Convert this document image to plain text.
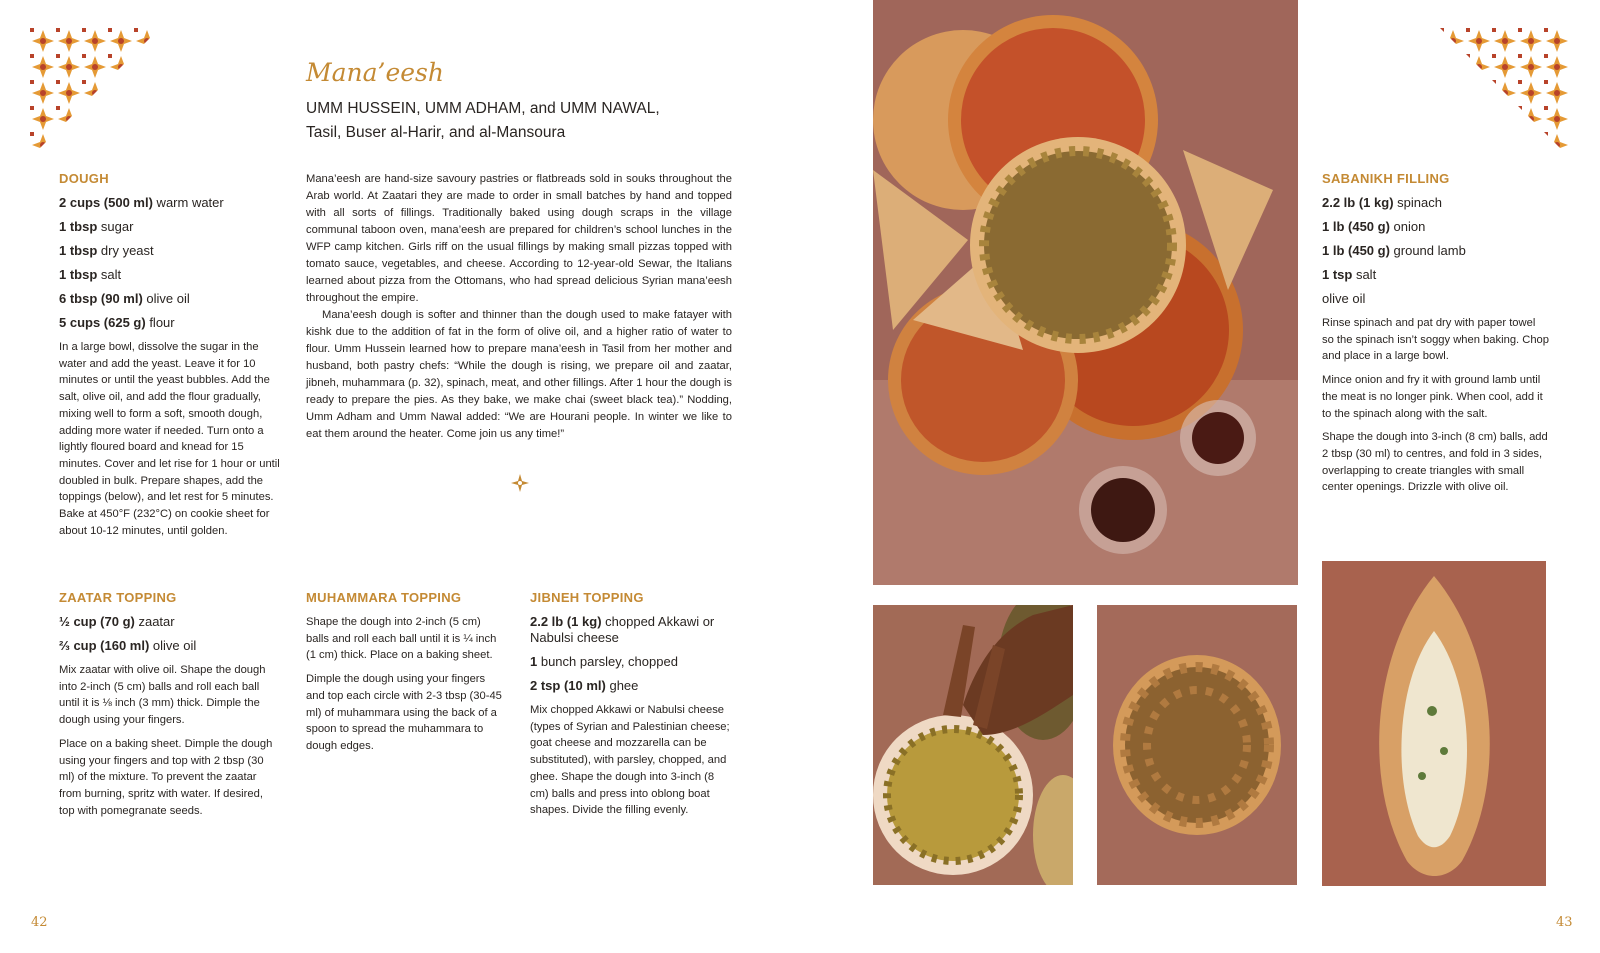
Mana’eesh
UMM HUSSEIN, UMM ADHAM, and UMM NAWAL,
Tasil, Buser al-Harir, and al-Mansoura

Mana’eesh are hand-size savoury pastries or flatbreads sold in souks throughout the Arab world. At Zaatari they are made to order in small batches by hand and topped with all sorts of fillings. Traditionally baked using dough scraps in the village communal taboon oven, mana’eesh are prepared for children’s school lunches in the WFP camp kitchen. Girls riff on the usual fillings by making small pizzas topped with tomato sauce, vegetables, and cheese. According to 12-year-old Sewar, the Italians learned about pizza from the Ottomans, who had spread delicious Syrian mana’eesh throughout the empire.

Mana’eesh dough is softer and thinner than the dough used to make fatayer with kishk due to the addition of fat in the form of olive oil, and a higher ratio of water to flour. Umm Hussein learned how to prepare mana’eesh in Tasil from her mother and husband, both pastry chefs: “While the dough is rising, we prepare oil and zaatar, jibneh, muhammara (p. 32), spinach, meat, and other fillings. After 1 hour the dough is ready to prepare the pies. As they bake, we make chai (sweet black tea).” Nodding, Umm Adham and Umm Nawal added: “We are Hourani people. In winter we like to eat them around the heater. Come join us any time!”

DOUGH

2 cups (500 ml) warm water

1 tbsp sugar

1 tbsp dry yeast

1 tbsp salt

6 tbsp (90 ml) olive oil

5 cups (625 g) flour

In a large bowl, dissolve the sugar in the water and add the yeast. Leave it for 10 minutes or until the yeast bubbles. Add the salt, olive oil, and add the flour gradually, mixing well to form a soft, smooth dough, adding more water if needed. Turn onto a lightly floured board and knead for 15 minutes. Cover and let rise for 1 hour or until doubled in bulk. Prepare shapes, add the toppings (below), and let rest for 5 minutes. Bake at 450°F (232°C) on cookie sheet for about 10-12 minutes, until golden.

ZAATAR TOPPING

½ cup (70 g) zaatar

⅔ cup (160 ml) olive oil

Mix zaatar with olive oil. Shape the dough into 2-inch (5 cm) balls and roll each ball until it is ⅛ inch (3 mm) thick. Dimple the dough using your fingers.

Place on a baking sheet. Dimple the dough using your fingers and top with 2 tbsp (30 ml) of the mixture. To prevent the zaatar from burning, spritz with water. If desired, top with pomegranate seeds.

MUHAMMARA TOPPING

Shape the dough into 2-inch (5 cm) balls and roll each ball until it is ¼ inch (1 cm) thick. Place on a baking sheet.

Dimple the dough using your fingers and top each circle with 2-3 tbsp (30-45 ml) of muhammara using the back of a spoon to spread the muhammara to dough edges.

JIBNEH TOPPING

2.2 lb (1 kg) chopped Akkawi or Nabulsi cheese

1 bunch parsley, chopped

2 tsp (10 ml) ghee

Mix chopped Akkawi or Nabulsi cheese (types of Syrian and Palestinian cheese; goat cheese and mozzarella can be substituted), with parsley, chopped, and ghee. Shape the dough into 3-inch (8 cm) balls and press into oblong boat shapes. Divide the filling evenly.

SABANIKH FILLING

2.2 lb (1 kg) spinach

1 lb (450 g) onion

1 lb (450 g) ground lamb

1 tsp salt

olive oil

Rinse spinach and pat dry with paper towel so the spinach isn’t soggy when baking. Chop and place in a large bowl.

Mince onion and fry it with ground lamb until the meat is no longer pink. When cool, add it to the spinach along with the salt.

Shape the dough into 3-inch (8 cm) balls, add 2 tbsp (30 ml) to centres, and fold in 3 sides, overlapping to create triangles with small center openings. Drizzle with olive oil.

42	43
